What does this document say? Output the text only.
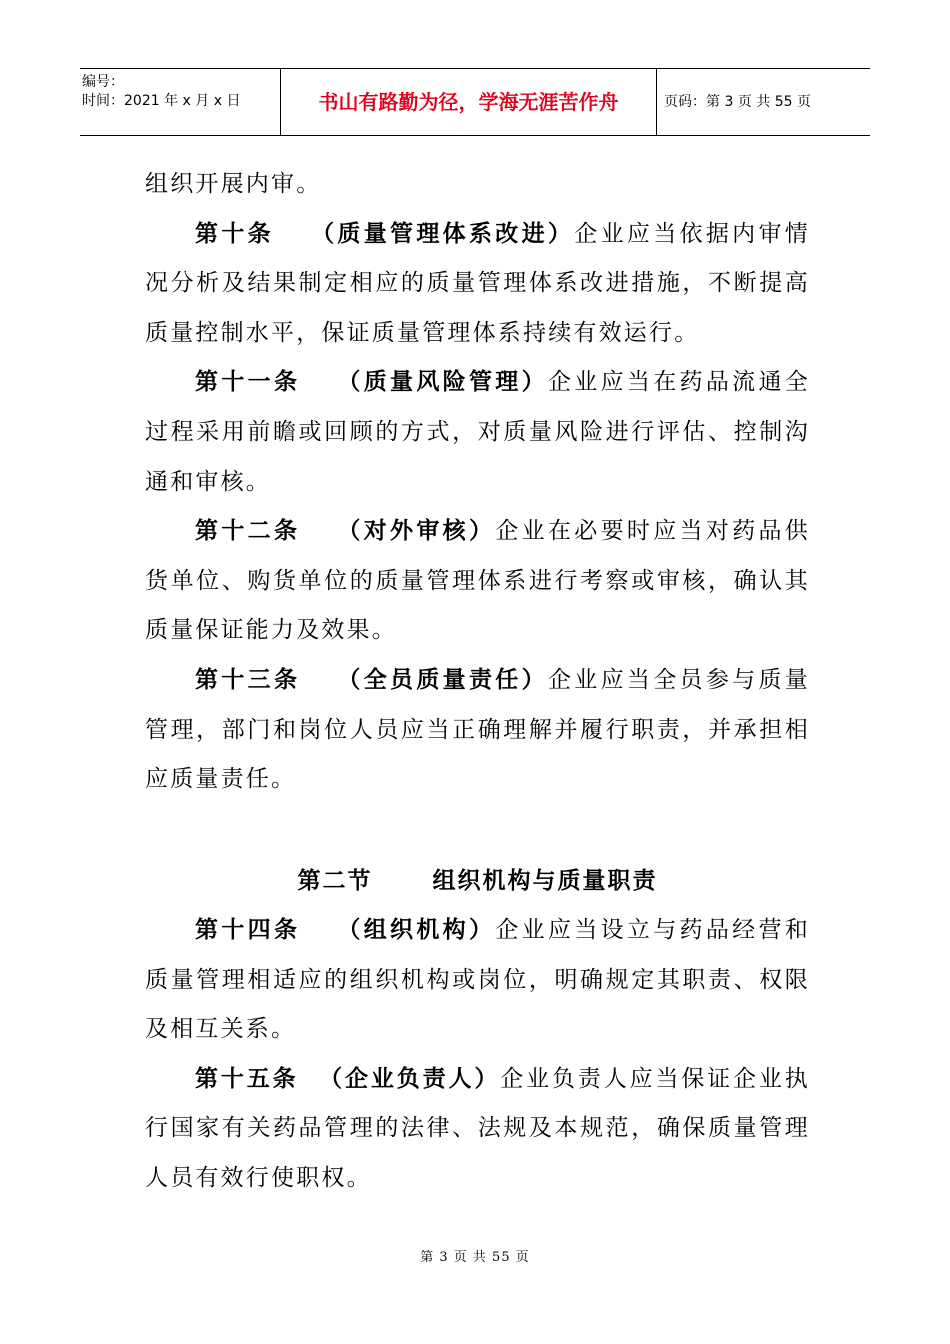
编号：
时间：2021 年 x 月 x 日	书山有路勤为径，学海无涯苦作舟	页码：第 3 页 共 55 页

组织开展内审。

第十条 （质量管理体系改进）企业应当依据内审情况分析及结果制定相应的质量管理体系改进措施，不断提高质量控制水平，保证质量管理体系持续有效运行。

第十一条 （质量风险管理）企业应当在药品流通全过程采用前瞻或回顾的方式，对质量风险进行评估、控制沟通和审核。

第十二条 （对外审核）企业在必要时应当对药品供货单位、购货单位的质量管理体系进行考察或审核，确认其质量保证能力及效果。

第十三条 （全员质量责任）企业应当全员参与质量管理，部门和岗位人员应当正确理解并履行职责，并承担相应质量责任。

第二节	组织机构与质量职责

第十四条 （组织机构）企业应当设立与药品经营和质量管理相适应的组织机构或岗位，明确规定其职责、权限及相互关系。

第十五条 （企业负责人）企业负责人应当保证企业执行国家有关药品管理的法律、法规及本规范，确保质量管理人员有效行使职权。

第 3 页 共 55 页
